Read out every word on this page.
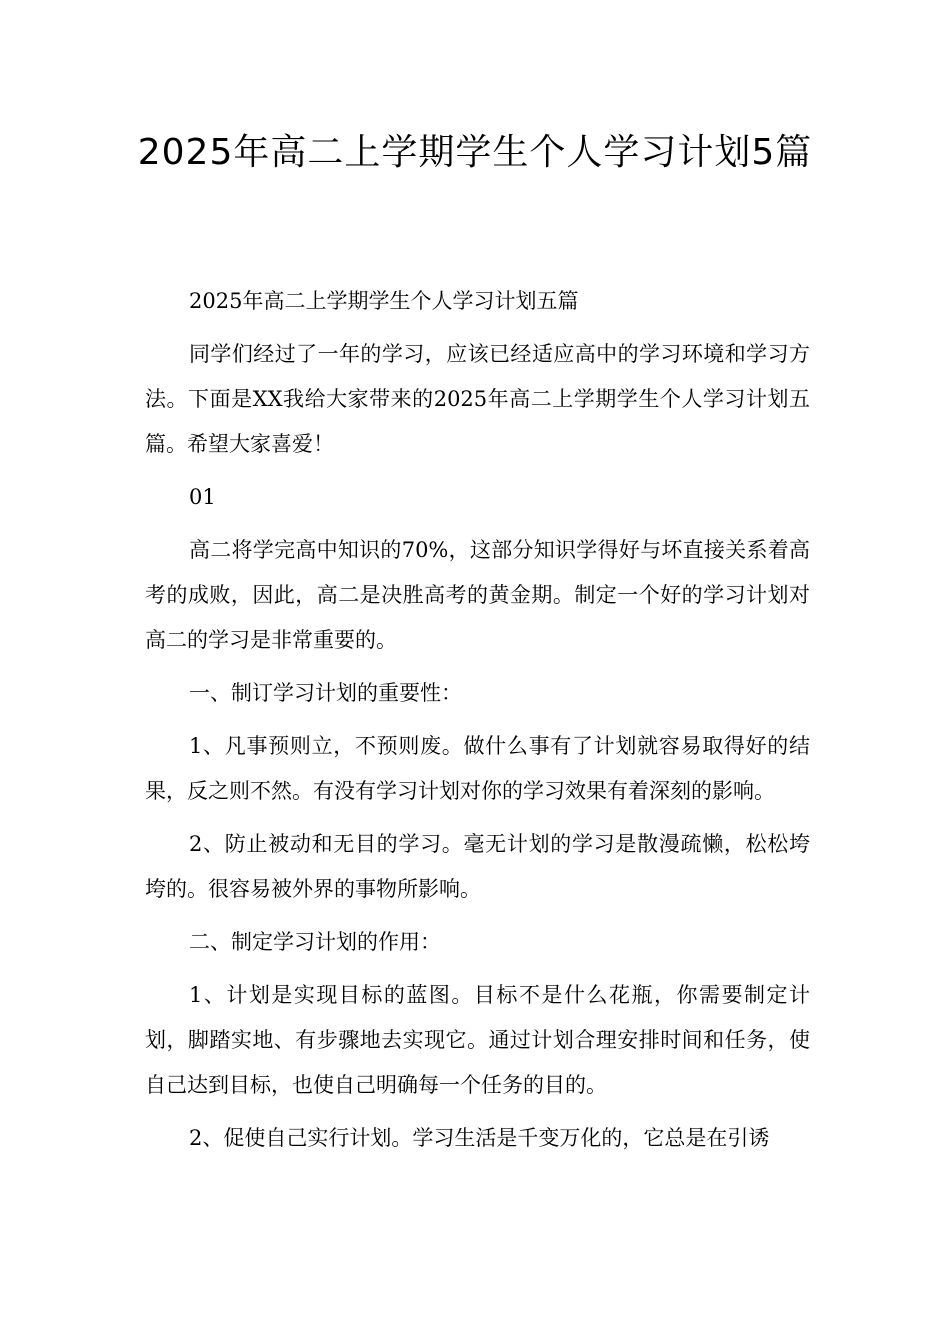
2025年高二上学期学生个人学习计划5篇

2025年高二上学期学生个人学习计划五篇

同学们经过了一年的学习，应该已经适应高中的学习环境和学习方法。下面是XX我给大家带来的2025年高二上学期学生个人学习计划五篇。希望大家喜爱！

01

高二将学完高中知识的70%，这部分知识学得好与坏直接关系着高考的成败，因此，高二是决胜高考的黄金期。制定一个好的学习计划对高二的学习是非常重要的。

一、制订学习计划的重要性：

1、凡事预则立，不预则废。做什么事有了计划就容易取得好的结果，反之则不然。有没有学习计划对你的学习效果有着深刻的影响。

2、防止被动和无目的学习。毫无计划的学习是散漫疏懒，松松垮垮的。很容易被外界的事物所影响。

二、制定学习计划的作用：

1、计划是实现目标的蓝图。目标不是什么花瓶，你需要制定计划，脚踏实地、有步骤地去实现它。通过计划合理安排时间和任务，使自己达到目标，也使自己明确每一个任务的目的。

2、促使自己实行计划。学习生活是千变万化的，它总是在引诱
